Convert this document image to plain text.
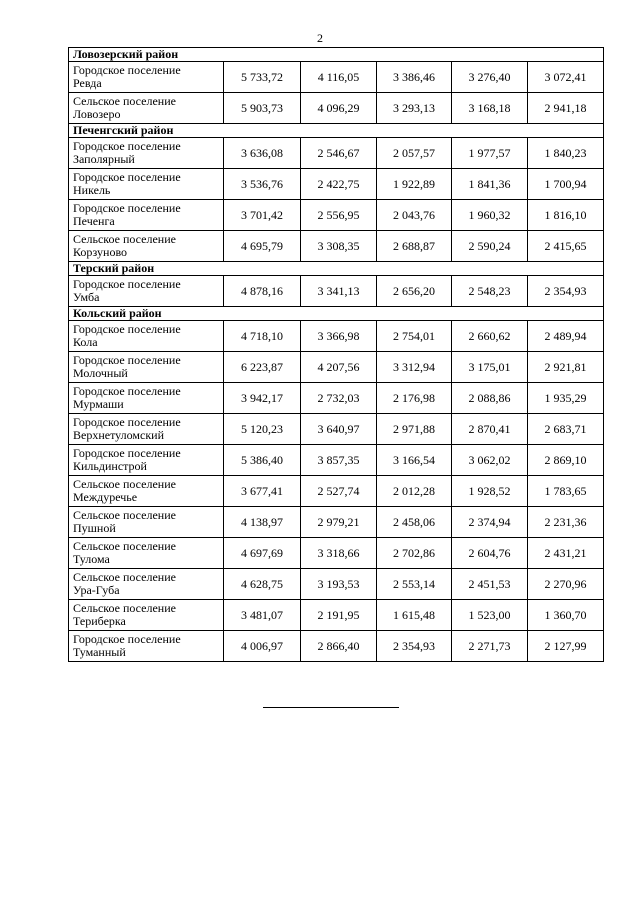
2
Ловозерский район					

Городское поселение
Ревда	5 733,72	4 116,05	3 386,46	3 276,40	3 072,41

Сельское поселение
Ловозеро	5 903,73	4 096,29	3 293,13	3 168,18	2 941,18
Печенгский район					

Городское поселение
Заполярный	3 636,08	2 546,67	2 057,57	1 977,57	1 840,23

Городское поселение
Никель	3 536,76	2 422,75	1 922,89	1 841,36	1 700,94

Городское поселение
Печенга	3 701,42	2 556,95	2 043,76	1 960,32	1 816,10

Сельское поселение
Корзуново	4 695,79	3 308,35	2 688,87	2 590,24	2 415,65
Терский район					

Городское поселение
Умба	4 878,16	3 341,13	2 656,20	2 548,23	2 354,93
Кольский район					

Городское поселение
Кола	4 718,10	3 366,98	2 754,01	2 660,62	2 489,94

Городское поселение
Молочный	6 223,87	4 207,56	3 312,94	3 175,01	2 921,81

Городское поселение
Мурмаши	3 942,17	2 732,03	2 176,98	2 088,86	1 935,29

Городское поселение
Верхнетуломский	5 120,23	3 640,97	2 971,88	2 870,41	2 683,71

Городское поселение
Кильдинстрой	5 386,40	3 857,35	3 166,54	3 062,02	2 869,10

Сельское поселение
Междуречье	3 677,41	2 527,74	2 012,28	1 928,52	1 783,65

Сельское поселение
Пушной	4 138,97	2 979,21	2 458,06	2 374,94	2 231,36

Сельское поселение
Тулома	4 697,69	3 318,66	2 702,86	2 604,76	2 431,21

Сельское поселение
Ура-Губа	4 628,75	3 193,53	2 553,14	2 451,53	2 270,96

Сельское поселение
Териберка	3 481,07	2 191,95	1 615,48	1 523,00	1 360,70

Городское поселение
Туманный	4 006,97	2 866,40	2 354,93	2 271,73	2 127,99
